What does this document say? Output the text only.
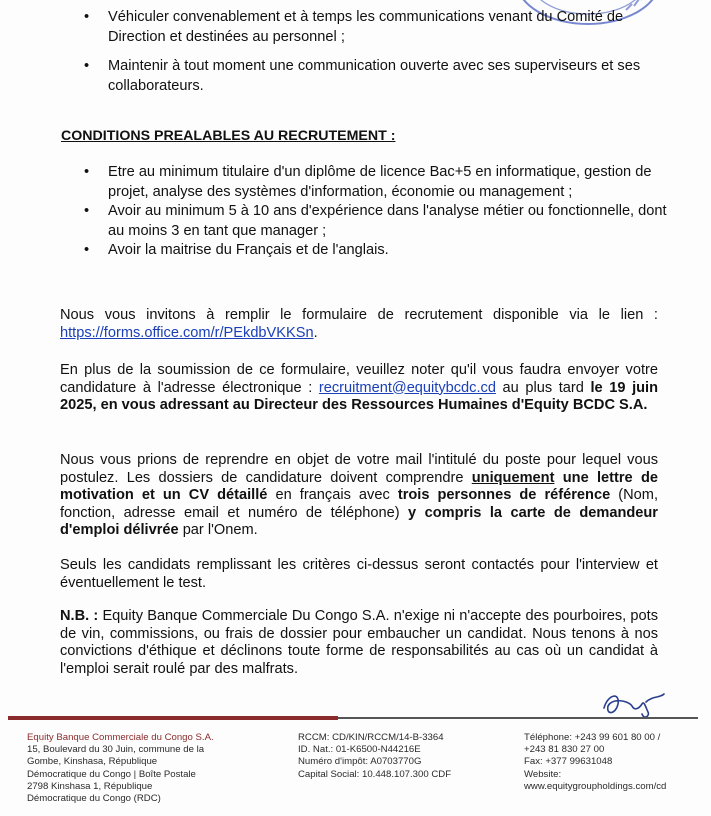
• Véhiculer convenablement et à temps les communications venant du Comité de Direction et destinées au personnel ;
• Maintenir à tout moment une communication ouverte avec ses superviseurs et ses collaborateurs.
CONDITIONS PREALABLES AU RECRUTEMENT :
• Etre au minimum titulaire d'un diplôme de licence Bac+5 en informatique, gestion de projet, analyse des systèmes d'information, économie ou management ;
• Avoir au minimum 5 à 10 ans d'expérience dans l'analyse métier ou fonctionnelle, dont au moins 3 en tant que manager ;
• Avoir la maitrise du Français et de l'anglais.
Nous vous invitons à remplir le formulaire de recrutement disponible via le lien : https://forms.office.com/r/PEkdbVKKSn.
En plus de la soumission de ce formulaire, veuillez noter qu'il vous faudra envoyer votre candidature à l'adresse électronique : recruitment@equitybcdc.cd au plus tard le 19 juin 2025, en vous adressant au Directeur des Ressources Humaines d'Equity BCDC S.A.
Nous vous prions de reprendre en objet de votre mail l'intitulé du poste pour lequel vous postulez. Les dossiers de candidature doivent comprendre uniquement une lettre de motivation et un CV détaillé en français avec trois personnes de référence (Nom, fonction, adresse email et numéro de téléphone) y compris la carte de demandeur d'emploi délivrée par l'Onem.
Seuls les candidats remplissant les critères ci-dessus seront contactés pour l'interview et éventuellement le test.
N.B. : Equity Banque Commerciale Du Congo S.A. n'exige ni n'accepte des pourboires, pots de vin, commissions, ou frais de dossier pour embaucher un candidat. Nous tenons à nos convictions d'éthique et déclinons toute forme de responsabilités au cas où un candidat à l'emploi serait roulé par des malfrats.
Equity Banque Commerciale du Congo S.A.
15, Boulevard du 30 Juin, commune de la
Gombe, Kinshasa, République
Démocratique du Congo | Boîte Postale
2798 Kinshasa 1, République
Démocratique du Congo (RDC)
RCCM: CD/KIN/RCCM/14-B-3364
ID. Nat.: 01-K6500-N44216E
Numéro d'impôt: A0703770G
Capital Social: 10.448.107.300 CDF
Téléphone: +243 99 601 80 00 /
+243 81 830 27 00
Fax: +377 99631048
Website:
www.equitygroupholdings.com/cd
